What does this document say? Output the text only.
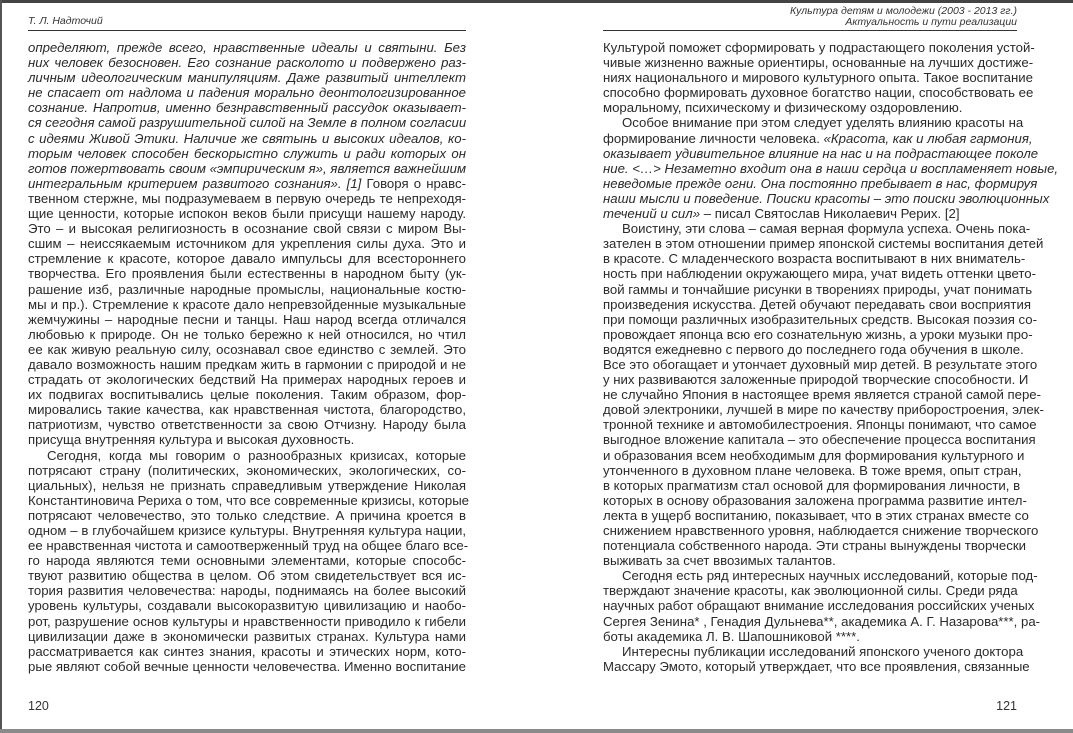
Т. Л. Надточий
определяют, прежде всего, нравственные идеалы и святыни. Без
них человек безосновен. Его сознание расколото и подвержено раз-
личным идеологическим манипуляциям. Даже развитый интеллект
не спасает от надлома и падения морально деонтологизированное
сознание. Напротив, именно безнравственный рассудок оказывает-
ся сегодня самой разрушительной силой на Земле в полном согласии
с идеями Живой Этики. Наличие же святынь и высоких идеалов, ко-
торым человек способен бескорыстно служить и ради которых он
готов пожертвовать своим «эмпирическим я», является важнейшим
интегральным критерием развитого сознания». [1] Говоря о нравс-
твенном стержне, мы подразумеваем в первую очередь те непреходя-
щие ценности, которые испокон веков были присущи нашему народу.
Это – и высокая религиозность в осознание свой связи с миром Вы-
сшим – неиссякаемым источником для укрепления силы духа. Это и
стремление к красоте, которое давало импульсы для всестороннего
творчества. Его проявления были естественны в народном быту (ук-
рашение изб, различные народные промыслы, национальные костю-
мы и пр.). Стремление к красоте дало непревзойденные музыкальные
жемчужины – народные песни и танцы. Наш народ всегда отличался
любовью к природе. Он не только бережно к ней относился, но чтил
ее как живую реальную силу, осознавал свое единство с землей. Это
давало возможность нашим предкам жить в гармонии с природой и не
страдать от экологических бедствий На примерах народных героев и
их подвигах воспитывались целые поколения. Таким образом, фор-
мировались такие качества, как нравственная чистота, благородство,
патриотизм, чувство ответственности за свою Отчизну. Народу была
присуща внутренняя культура и высокая духовность.
Сегодня, когда мы говорим о разнообразных кризисах, которые
потрясают страну (политических, экономических, экологических, со-
циальных), нельзя не признать справедливым утверждение Николая
Константиновича Рериха о том, что все современные кризисы, которые
потрясают человечество, это только следствие. А причина кроется в
одном – в глубочайшем кризисе культуры. Внутренняя культура нации,
ее нравственная чистота и самоотверженный труд на общее благо все-
го народа являются теми основными элементами, которые способс-
твуют развитию общества в целом. Об этом свидетельствует вся ис-
тория развития человечества: народы, поднимаясь на более высокий
уровень культуры, создавали высокоразвитую цивилизацию и наобо-
рот, разрушение основ культуры и нравственности приводило к гибели
цивилизации даже в экономически развитых странах. Культура нами
рассматривается как синтез знания, красоты и этических норм, кото-
рые являют собой вечные ценности человечества. Именно воспитание
120
Культура детям и молодежи (2003 - 2013 гг.)
Актуальность и пути реализации
Культурой поможет сформировать у подрастающего поколения устой-
чивые жизненно важные ориентиры, основанные на лучших достиже-
ниях национального и мирового культурного опыта. Такое воспитание
способно формировать духовное богатство нации, способствовать ее
моральному, психическому и физическому оздоровлению.
Особое внимание при этом следует уделять влиянию красоты на
формирование личности человека. «Красота, как и любая гармония,
оказывает удивительное влияние на нас и на подрастающее поколе
ние. <…> Незаметно входит она в наши сердца и воспламеняет новые,
неведомые прежде огни. Она постоянно пребывает в нас, формируя
наши мысли и поведение. Поиски красоты – это поиски эволюционных
течений и сил» – писал Святослав Николаевич Рерих. [2]
Воистину, эти слова – самая верная формула успеха. Очень пока-
зателен в этом отношении пример японской системы воспитания детей
в красоте. С младенческого возраста воспитывают в них вниматель-
ность при наблюдении окружающего мира, учат видеть оттенки цвето-
вой гаммы и тончайшие рисунки в творениях природы, учат понимать
произведения искусства. Детей обучают передавать свои восприятия
при помощи различных изобразительных средств. Высокая поэзия со-
провождает японца всю его сознательную жизнь, а уроки музыки про-
водятся ежедневно с первого до последнего года обучения в школе.
Все это обогащает и утончает духовный мир детей. В результате этого
у них развиваются заложенные природой творческие способности. И
не случайно Япония в настоящее время является страной самой пере-
довой электроники, лучшей в мире по качеству приборостроения, элек-
тронной технике и автомобилестроения. Японцы понимают, что самое
выгодное вложение капитала – это обеспечение процесса воспитания
и образования всем необходимым для формирования культурного и
утонченного в духовном плане человека. В тоже время, опыт стран,
в которых прагматизм стал основой для формирования личности, в
которых в основу образования заложена программа развитие интел-
лекта в ущерб воспитанию, показывает, что в этих странах вместе со
снижением нравственного уровня, наблюдается снижение творческого
потенциала собственного народа. Эти страны вынуждены творчески
выживать за счет ввозимых талантов.
Сегодня есть ряд интересных научных исследований, которые под-
тверждают значение красоты, как эволюционной силы. Среди ряда
научных работ обращают внимание исследования российских ученых
Сергея Зенина* , Генадия Дульнева**, академика А. Г. Назарова***, ра-
боты академика Л. В. Шапошниковой ****.
Интересны публикации исследований японского ученого доктора
Массару Эмото, который утверждает, что все проявления, связанные
121
